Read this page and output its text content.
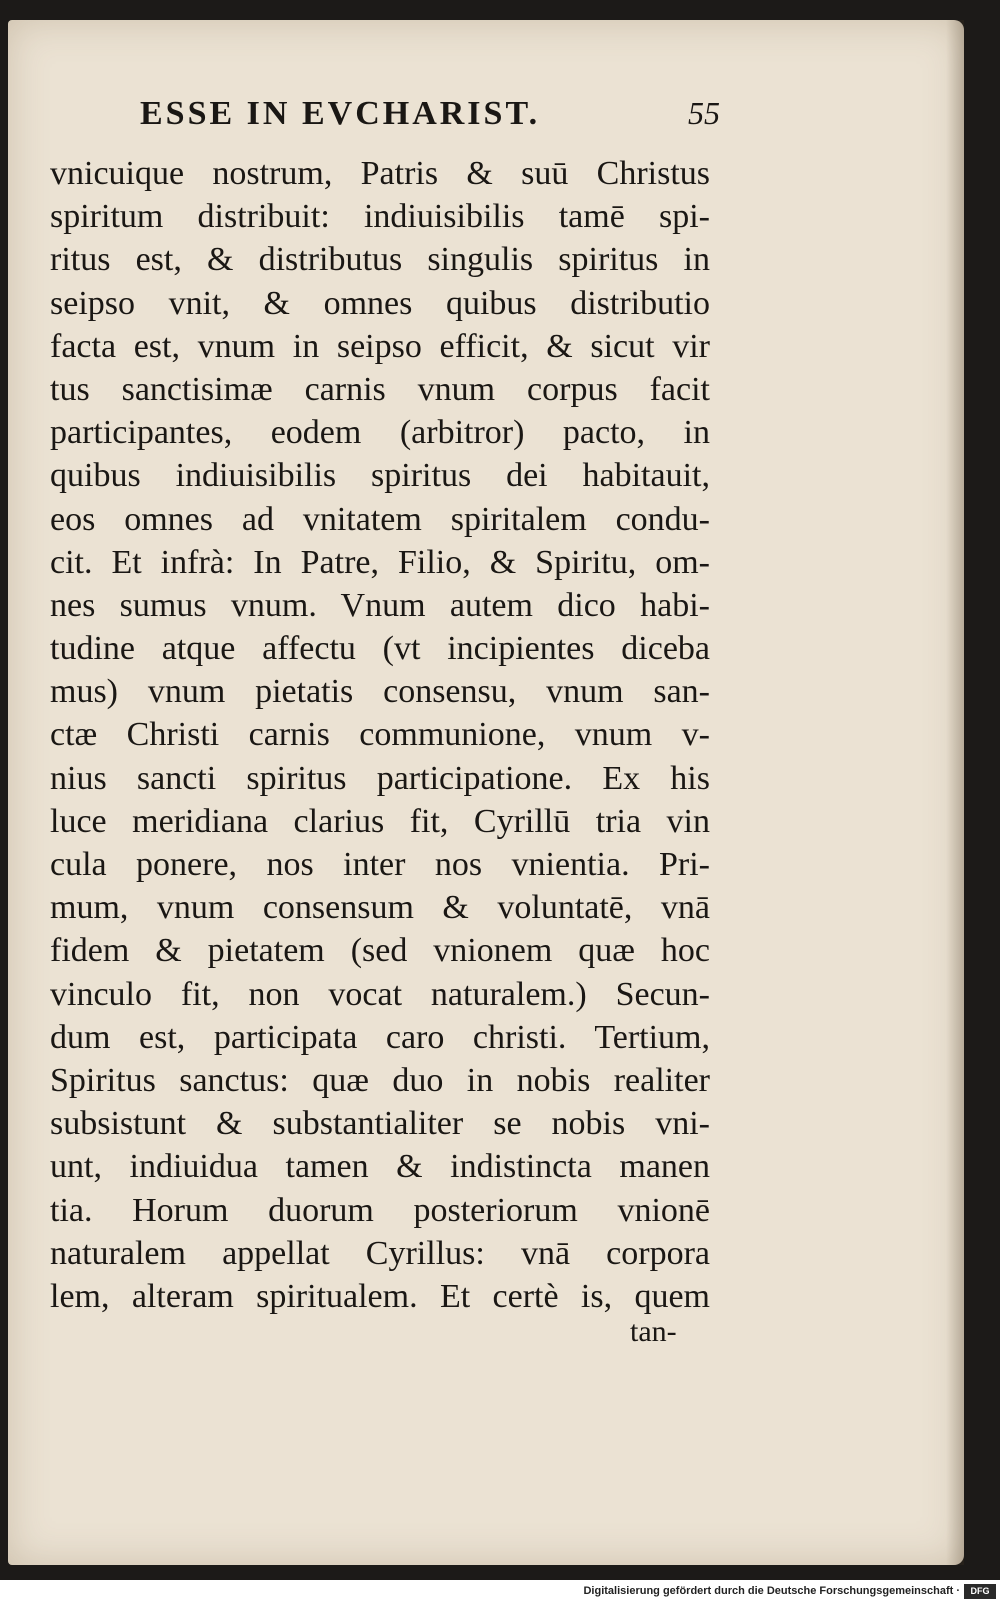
ESSE IN EVCHARIST.	55
vnicuique nostrum, Patris & suū Christus
spiritum distribuit: indiuisibilis tamē spi-
ritus est, & distributus singulis spiritus in
seipso vnit, & omnes quibus distributio
facta est, vnum in seipso efficit, & sicut vir
tus sanctisimæ carnis vnum corpus facit
participantes, eodem (arbitror) pacto, in
quibus indiuisibilis spiritus dei habitauit,
eos omnes ad vnitatem spiritalem condu-
cit. Et infrà: In Patre, Filio, & Spiritu, om-
nes sumus vnum. Vnum autem dico habi-
tudine atque affectu (vt incipientes diceba
mus) vnum pietatis consensu, vnum san-
ctæ Christi carnis communione, vnum v-
nius sancti spiritus participatione. Ex his
luce meridiana clarius fit, Cyrillū tria vin
cula ponere, nos inter nos vnientia. Pri-
mum, vnum consensum & voluntatē, vnā
fidem & pietatem (sed vnionem quæ hoc
vinculo fit, non vocat naturalem.) Secun-
dum est, participata caro christi. Tertium,
Spiritus sanctus: quæ duo in nobis realiter
subsistunt & substantialiter se nobis vni-
unt, indiuidua tamen & indistincta manen
tia. Horum duorum posteriorum vnionē
naturalem appellat Cyrillus: vnā corpora
lem, alteram spiritualem. Et certè is, quem
tan-
Digitalisierung gefördert durch die Deutsche Forschungsgemeinschaft ·	DFG
